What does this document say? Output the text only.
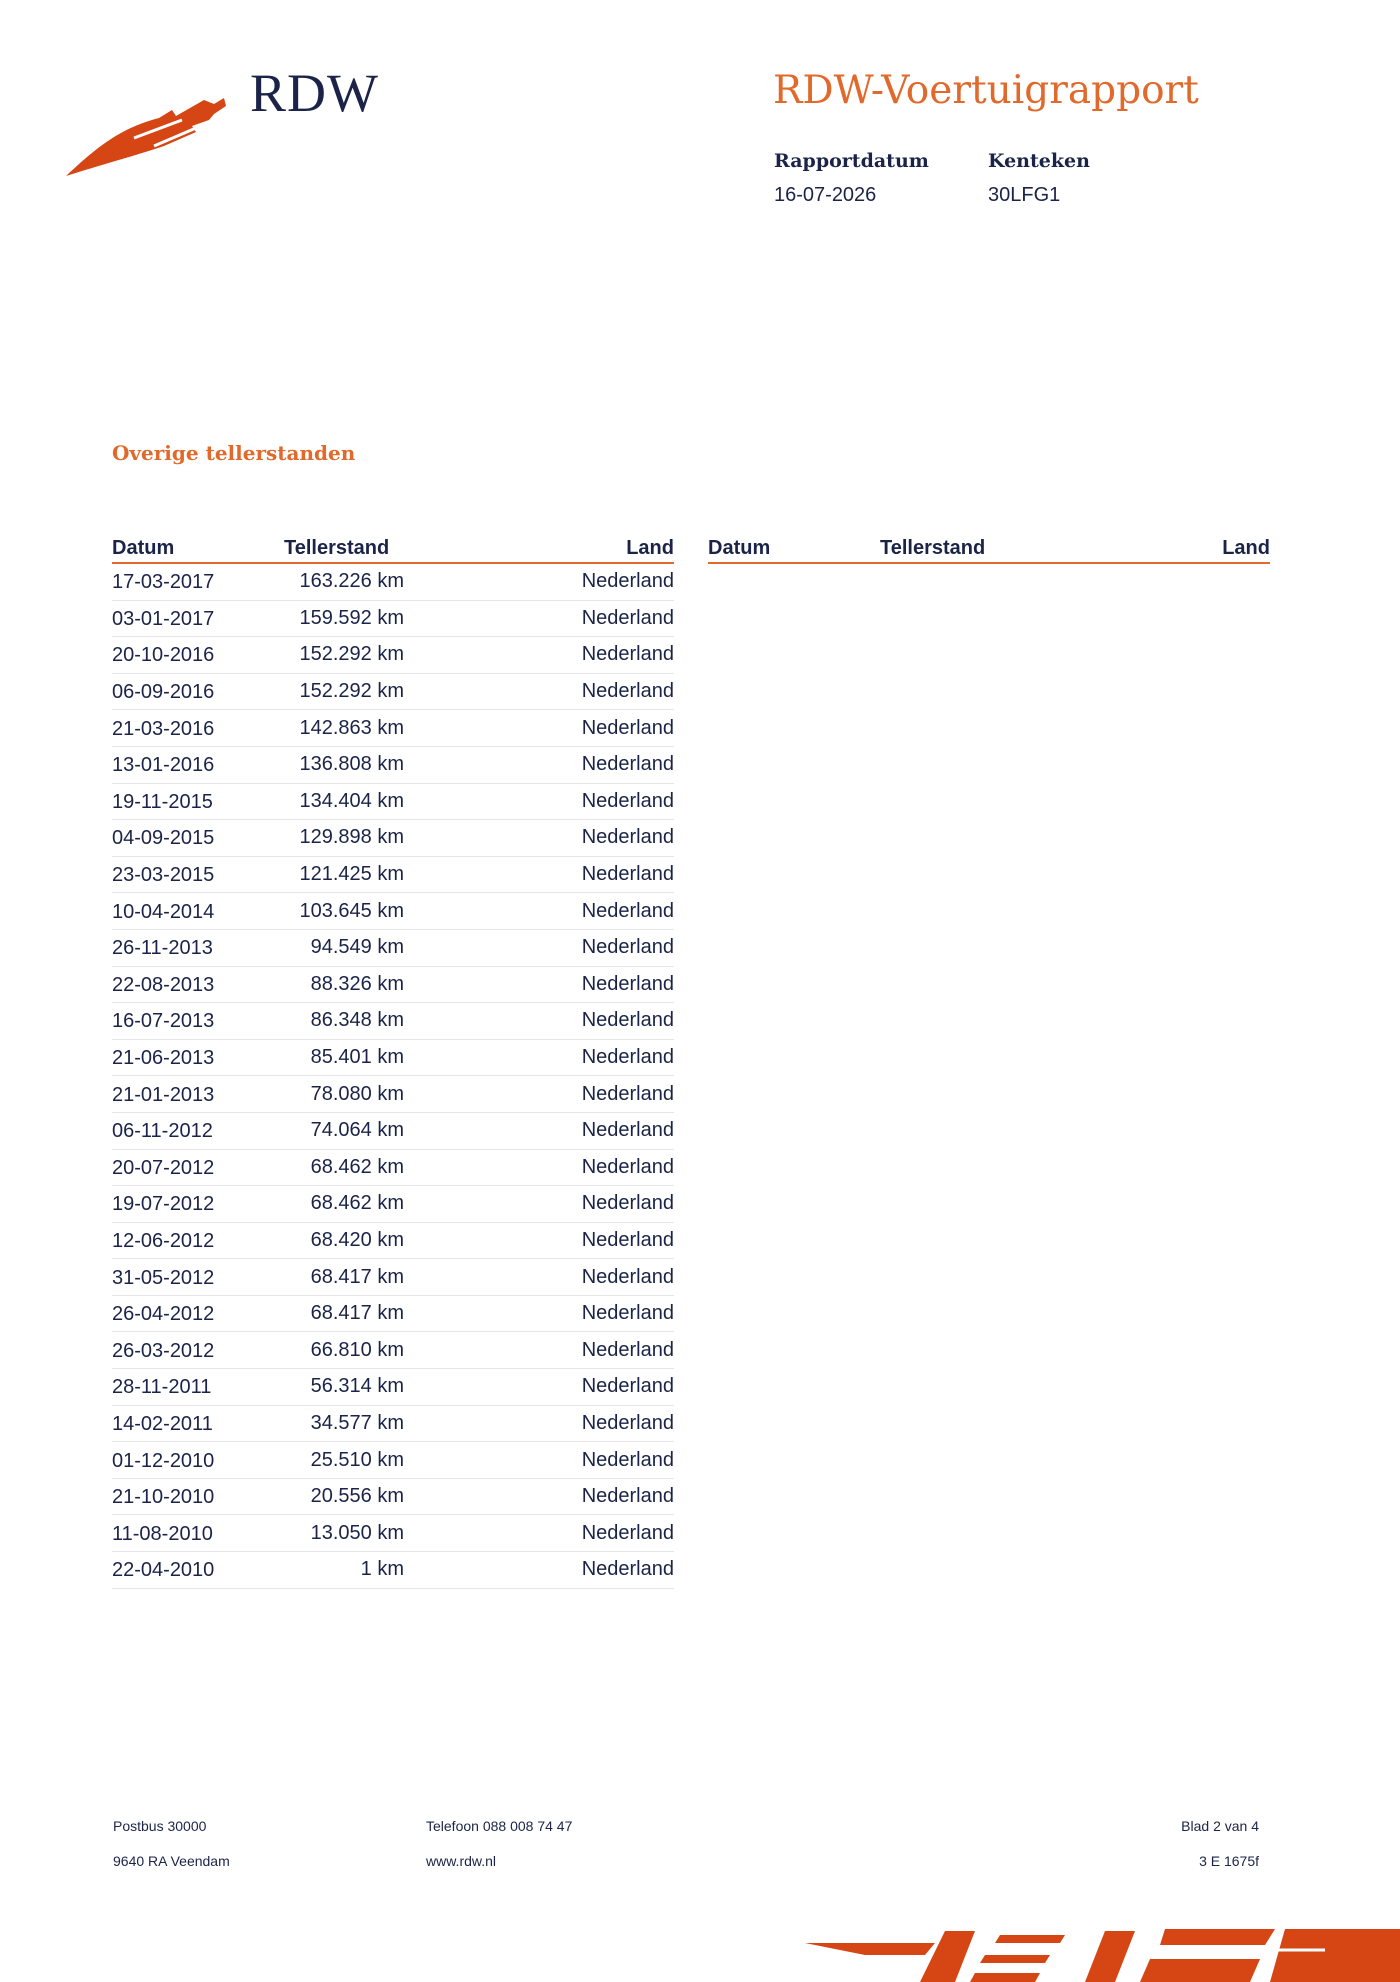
RDW	RDW-Voertuigrapport
Rapportdatum
16-07-2026
Kenteken
30LFG1
Overige tellerstanden
Datum	Tellerstand	Land
17-03-2017	163.226 km	Nederland
03-01-2017	159.592 km	Nederland
20-10-2016	152.292 km	Nederland
06-09-2016	152.292 km	Nederland
21-03-2016	142.863 km	Nederland
13-01-2016	136.808 km	Nederland
19-11-2015	134.404 km	Nederland
04-09-2015	129.898 km	Nederland
23-03-2015	121.425 km	Nederland
10-04-2014	103.645 km	Nederland
26-11-2013	94.549 km	Nederland
22-08-2013	88.326 km	Nederland
16-07-2013	86.348 km	Nederland
21-06-2013	85.401 km	Nederland
21-01-2013	78.080 km	Nederland
06-11-2012	74.064 km	Nederland
20-07-2012	68.462 km	Nederland
19-07-2012	68.462 km	Nederland
12-06-2012	68.420 km	Nederland
31-05-2012	68.417 km	Nederland
26-04-2012	68.417 km	Nederland
26-03-2012	66.810 km	Nederland
28-11-2011	56.314 km	Nederland
14-02-2011	34.577 km	Nederland
01-12-2010	25.510 km	Nederland
21-10-2010	20.556 km	Nederland
11-08-2010	13.050 km	Nederland
22-04-2010	1 km	Nederland
Datum	Tellerstand	Land
Postbus 30000
9640 RA Veendam
Telefoon 088 008 74 47
www.rdw.nl
Blad 2 van 4
3 E 1675f
